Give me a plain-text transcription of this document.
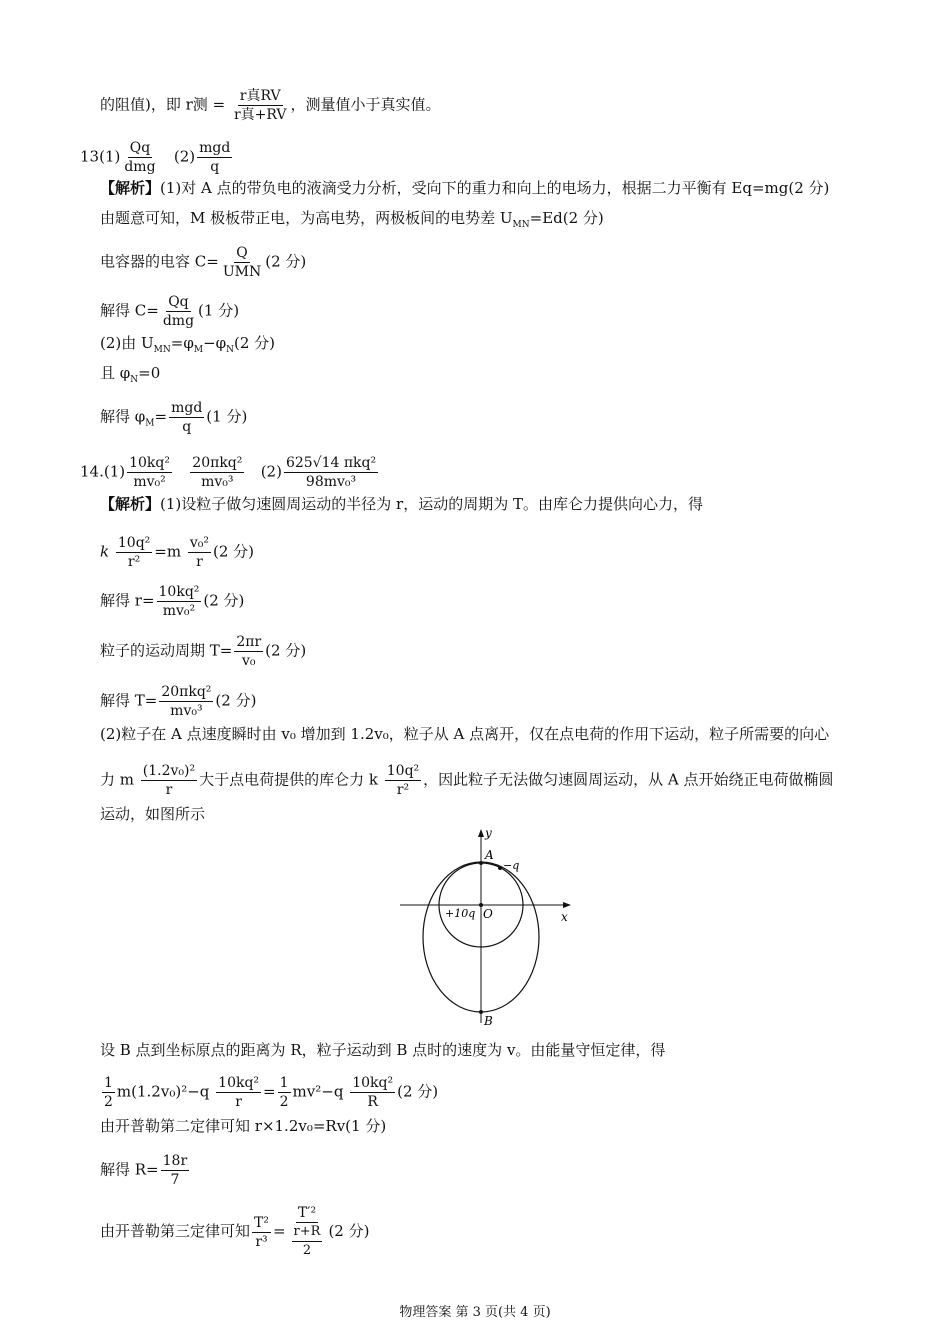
的阻值)，即 r测 = r真RV
r真+RV
，测量值小于真实值。
13(1) Qq
dmg
(2) mgd
q
【解析】(1)对 A 点的带负电的液滴受力分析，受向下的重力和向上的电场力，根据二力平衡有 Eq=mg(2 分)
由题意可知，M 极板带正电，为高电势，两极板间的电势差 $U_{MN}=Ed(2$ 分)
电容器的电容 C= Q
UMN
(2 分)
解得 C= Qq
dmg
(1 分)
(2)由 $U_{MN}=\varphi_M-\varphi_N(2$ 分)
且 $\varphi_N=0$
解得 $\varphi_M=$ mgd
q
(1 分)
$14.(1) \frac{\text{10kq²}}{\text{mv₀²}}$
20πkq²
mv₀³
(2) 625√14 πkq²
98mv₀³
【解析】(1)设粒子做匀速圆周运动的半径为 r，运动的周期为 T。由库仑力提供向心力，得
k $\frac{\text{10q²}}{\text{r²}} =m \frac{\text{v₀²}}{r} (2$ 分)
解得 $r= \frac{\text{10kq²}}{\text{mv₀²}} (2$ 分)
粒子的运动周期 $T= \frac{2\pi r}{\text{v₀}} (2$ 分)
解得 T= 20πkq²
mv₀³
(2 分)
(2)粒子在 A 点速度瞬时由 v₀ 增加到 1.2v₀，粒子从 A 点离开，仅在点电荷的作用下运动，粒子所需要的向心
力 m $\frac{\text{(1.2v₀)²}}{r}$ 大于点电荷提供的库仑力 k $\frac{\text{10q²}}{\text{r²}}$ ，因此粒子无法做匀速圆周运动，从 A 点开始绕正电荷做椭圆
运动，如图所示
y
x
A
−q
+10q O
B
设 B 点到坐标原点的距离为 R，粒子运动到 B 点时的速度为 v。由能量守恒定律，得
$\frac{1}{2} m(1.2v_0)^2-q \frac{\text{10kq²}}{r} = \frac{1}{2} mv^2-q \frac{\text{10kq²}}{R} (2$ 分)
由开普勒第二定律可知 r×1.2v₀=Rv(1 分)
解得 $R= \frac{18r}{7}$
由开普勒第三定律可知 $\frac{\text{T²}}{\text{r³}} = \frac{\text{T′²}}{\frac{r+R}{2}} (2$ 分)
物理答案 第 3 页(共 4 页)
